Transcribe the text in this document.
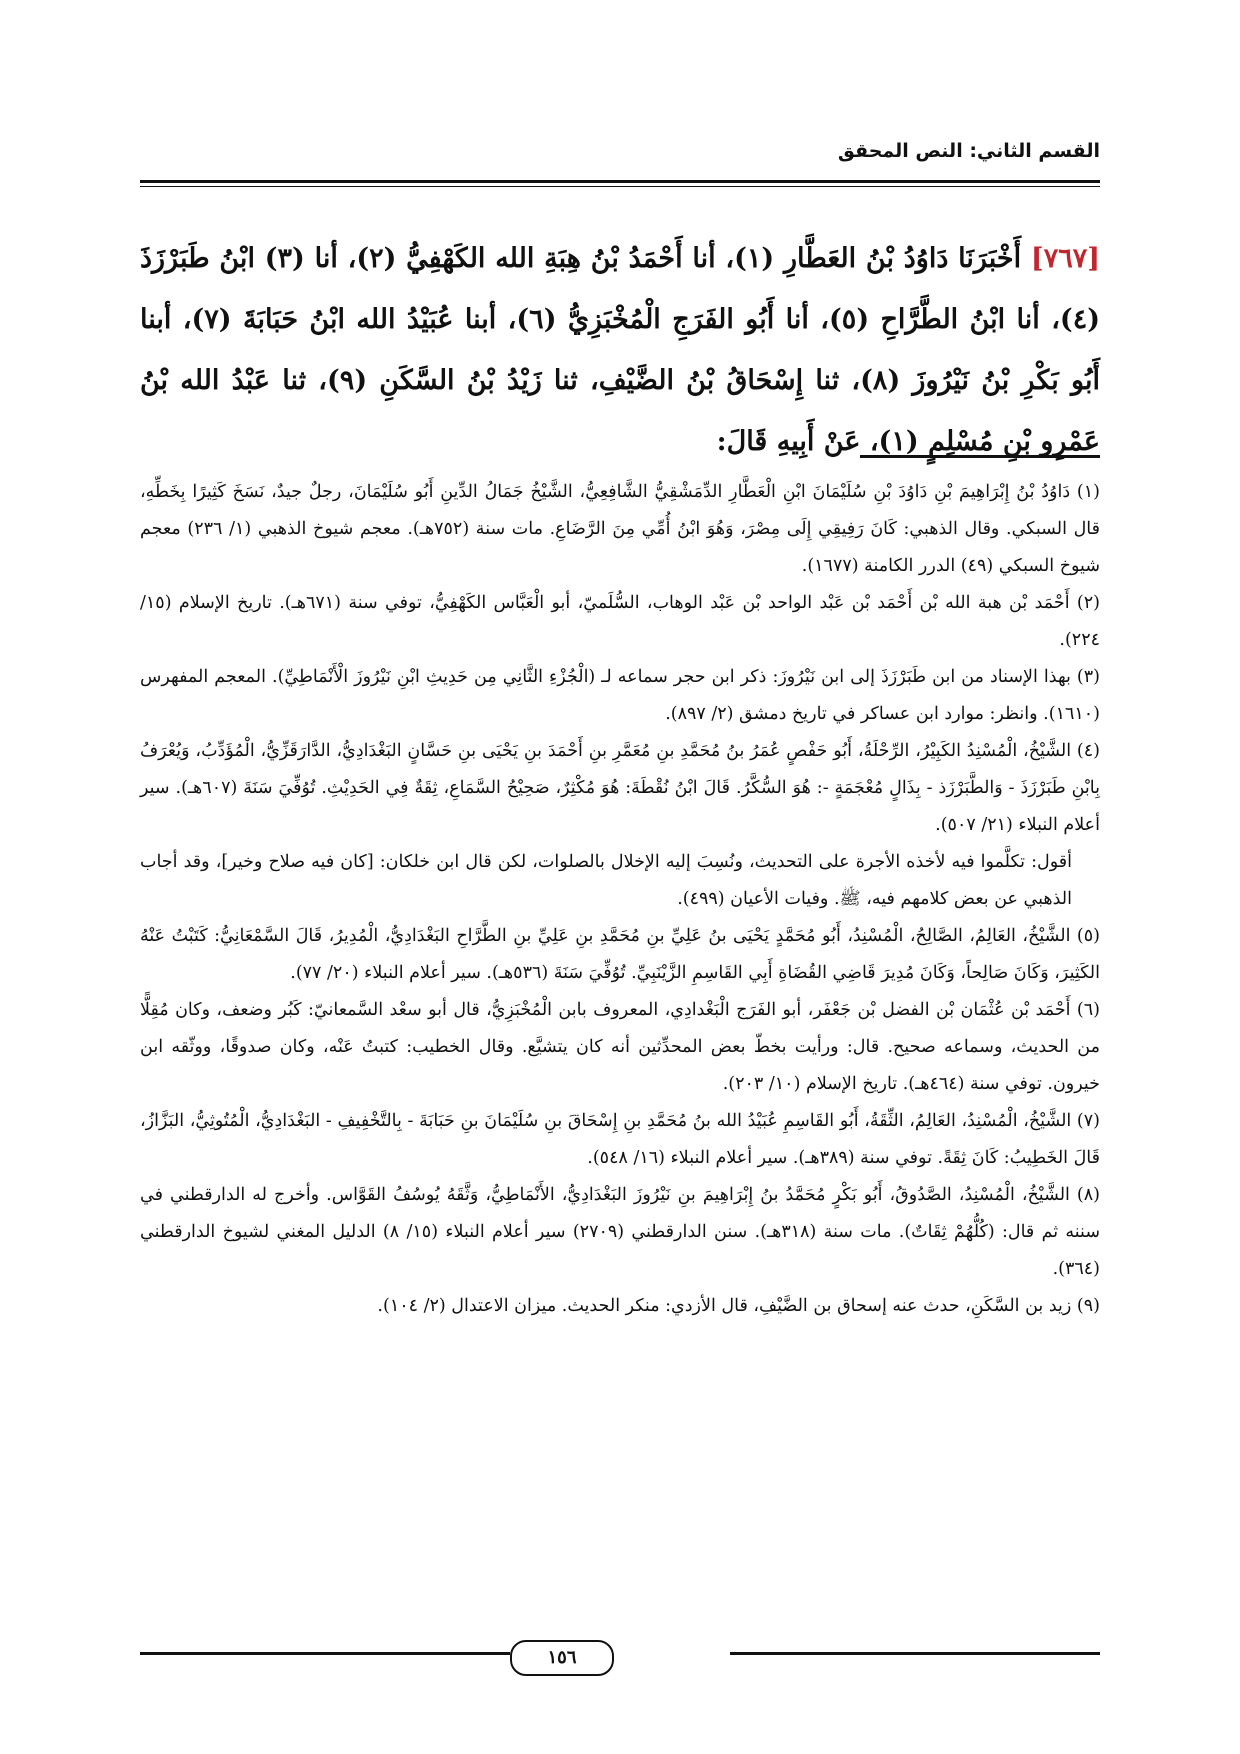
القسم الثاني: النص المحقق

[٧٦٧] أَخْبَرَنَا دَاوُدُ بْنُ العَطَّارِ (١)، أنا أَحْمَدُ بْنُ هِبَةِ الله الكَهْفِيُّ (٢)، أنا (٣) ابْنُ طَبَرْزَذَ (٤)، أنا ابْنُ الطَّرَّاحِ (٥)، أنا أَبُو الفَرَجِ الْمُخْبَزِيُّ (٦)، أبنا عُبَيْدُ الله ابْنُ حَبَابَةَ (٧)، أبنا أَبُو بَكْرِ بْنُ نَيْرُوزَ (٨)، ثنا إِسْحَاقُ بْنُ الضَّيْفِ، ثنا زَيْدُ بْنُ السَّكَنِ (٩)، ثنا عَبْدُ الله بْنُ عَمْرِو بْنِ مُسْلِمٍ (١)، عَنْ أَبِيهِ قَالَ:

(١) دَاوُدُ بْنُ إِبْرَاهِيمَ بْنِ دَاوُدَ بْنِ سُلَيْمَانَ ابْنِ الْعَطَّارِ الدِّمَشْقِيُّ الشَّافِعِيُّ، الشَّيْخُ جَمَالُ الدِّينِ أَبُو سُلَيْمَانَ، رجلٌ جيدٌ، نَسَخَ كَثِيرًا بِخَطِّهِ، قال السبكي. وقال الذهبي: كَانَ رَفِيقِي إِلَى مِصْرَ، وَهُوَ ابْنُ أُمِّي مِنَ الرَّضَاعِ. مات سنة (٧٥٢هـ). معجم شيوخ الذهبي (١/ ٢٣٦) معجم شيوخ السبكي (٤٩) الدرر الكامنة (١٦٧٧).

(٢) أَحْمَد بْن هبة الله بْن أَحْمَد بْن عَبْد الواحد بْن عَبْد الوهاب، السُّلَميّ، أبو الْعَبَّاس الكَهْفِيُّ، توفي سنة (٦٧١هـ). تاريخ الإسلام (١٥/ ٢٢٤).

(٣) بهذا الإسناد من ابن طَبَرْزَذَ إلى ابن نَيْرُوزَ: ذكر ابن حجر سماعه لـ (الْجُزْءِ الثَّانِي مِن حَدِيثِ ابْنِ نَيْرُوزَ الْأَنْمَاطِيِّ). المعجم المفهرس (١٦١٠). وانظر: موارد ابن عساكر في تاريخ دمشق (٢/ ٨٩٧).

(٤) الشَّيْخُ، الْمُسْنِدُ الكَبِيْرُ، الرِّحْلَةُ، أَبُو حَفْصٍ عُمَرُ بنُ مُحَمَّدِ بنِ مُعَمَّرِ بنِ أَحْمَدَ بنِ يَحْيَى بنِ حَسَّانٍ البَغْدَادِيُّ، الدَّارَقَزِّيُّ، الْمُؤَدِّبُ، وَيُعْرَفُ بِابْنِ طَبَرْزَذَ - وَالطَّبَرْزَذ - بِذَالٍ مُعْجَمَةٍ -: هُوَ السُّكَّرُ. قَالَ ابْنُ نُقْطَةَ: هُوَ مُكْثِرٌ، صَحِيْحُ السَّمَاعِ، ثِقَةٌ فِي الحَدِيْثِ. تُوُفِّيَ سَنَةَ (٦٠٧هـ). سير أعلام النبلاء (٢١/ ٥٠٧).

أقول: تكلَّموا فيه لأخذه الأجرة على التحديث، ونُسِبَ إليه الإخلال بالصلوات، لكن قال ابن خلكان: [كان فيه صلاح وخير]، وقد أجاب الذهبي عن بعض كلامهم فيه، ﷺ. وفيات الأعيان (٤٩٩).

(٥) الشَّيْخُ، العَالِمُ، الصَّالِحُ، الْمُسْنِدُ، أَبُو مُحَمَّدٍ يَحْيَى بنُ عَلِيِّ بنِ مُحَمَّدِ بنِ عَلِيِّ بنِ الطَّرَّاحِ البَغْدَادِيُّ، الْمُدِيرُ، قَالَ السَّمْعَانِيُّ: كَتَبْتُ عَنْهُ الكَثِيرَ، وَكَانَ صَالِحاً، وَكَانَ مُدِيرَ قَاضِي القُضَاةِ أَبِي القَاسِمِ الزَّيْنَبِيِّ. تُوُفِّيَ سَنَةَ (٥٣٦هـ). سير أعلام النبلاء (٢٠/ ٧٧).

(٦) أَحْمَد بْن عُثْمَان بْن الفضل بْن جَعْفَر، أبو الفَرَج الْبَغْدادِي، المعروف بابن الْمُخْبَزِيُّ، قال أبو سعْد السَّمعانيّ: كَبُر وضعف، وكان مُقِلًّا من الحديث، وسماعه صحيح. قال: ورأيت بخطّ بعض المحدِّثين أنه كان يتشيَّع. وقال الخطيب: كتبتُ عَنْه، وكان صدوقًا، ووثّقه ابن خيرون. توفي سنة (٤٦٤هـ). تاريخ الإسلام (١٠/ ٢٠٣).

(٧) الشَّيْخُ، الْمُسْنِدُ، العَالِمُ، الثِّقَةُ، أَبُو القَاسِمِ عُبَيْدُ الله بنُ مُحَمَّدِ بنِ إِسْحَاقَ بنِ سُلَيْمَانَ بنِ حَبَابَةَ - بِالتَّخْفِيفِ - البَغْدَادِيُّ، الْمُتُوثِيُّ، البَزَّازُ، قَالَ الخَطِيبُ: كَانَ ثِقَةً. توفي سنة (٣٨٩هـ). سير أعلام النبلاء (١٦/ ٥٤٨).

(٨) الشَّيْخُ، الْمُسْنِدُ، الصَّدُوقُ، أَبُو بَكْرٍ مُحَمَّدُ بنُ إِبْرَاهِيمَ بنِ نَيْرُوزَ البَغْدَادِيُّ، الأَنْمَاطِيُّ، وَثَّقَهُ يُوسُفُ القَوَّاس. وأخرج له الدارقطني في سننه ثم قال: (كُلُّهُمْ ثِقَاتٌ). مات سنة (٣١٨هـ). سنن الدارقطني (٢٧٠٩) سير أعلام النبلاء (١٥/ ٨) الدليل المغني لشيوخ الدارقطني (٣٦٤).

(٩) زيد بن السَّكَنِ، حدث عنه إسحاق بن الضَّيْفِ، قال الأزدي: منكر الحديث. ميزان الاعتدال (٢/ ١٠٤).

١٥٦
